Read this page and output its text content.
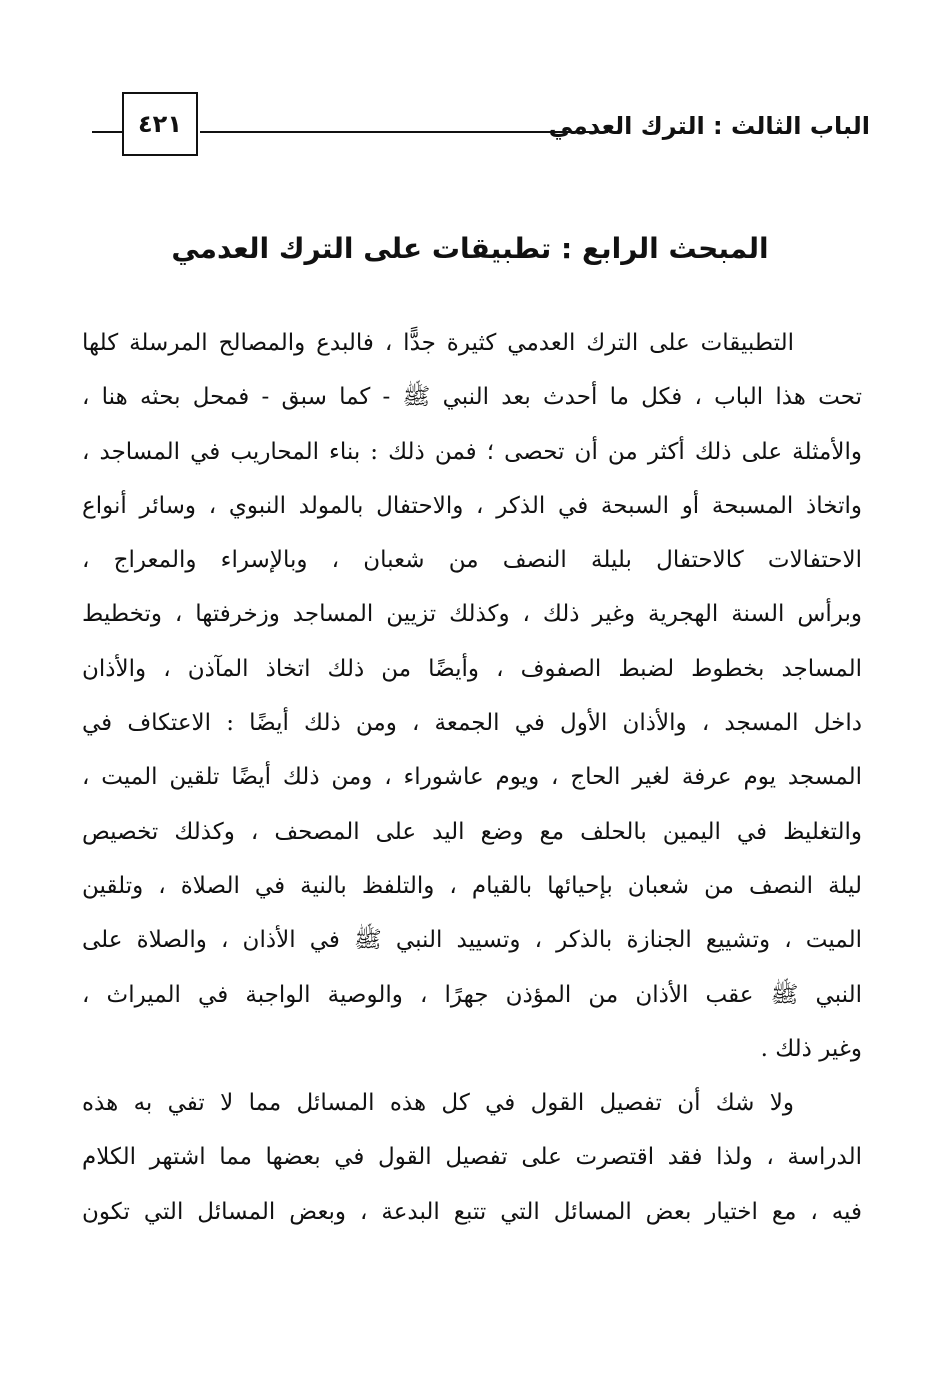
الباب الثالث : الترك العدمي
٤٢١
المبحث الرابع : تطبيقات على الترك العدمي
التطبيقات على الترك العدمي كثيرة جدًّا ، فالبدع والمصالح المرسلة كلها
تحت هذا الباب ، فكل ما أحدث بعد النبي ﷺ - كما سبق - فمحل بحثه هنا ،
والأمثلة على ذلك أكثر من أن تحصى ؛ فمن ذلك : بناء المحاريب في المساجد ،
واتخاذ المسبحة أو السبحة في الذكر ، والاحتفال بالمولد النبوي ، وسائر أنواع
الاحتفالات كالاحتفال بليلة النصف من شعبان ، وبالإسراء والمعراج ،
وبرأس السنة الهجرية وغير ذلك ، وكذلك تزيين المساجد وزخرفتها ، وتخطيط
المساجد بخطوط لضبط الصفوف ، وأيضًا من ذلك اتخاذ المآذن ، والأذان
داخل المسجد ، والأذان الأول في الجمعة ، ومن ذلك أيضًا : الاعتكاف في
المسجد يوم عرفة لغير الحاج ، ويوم عاشوراء ، ومن ذلك أيضًا تلقين الميت ،
والتغليظ في اليمين بالحلف مع وضع اليد على المصحف ، وكذلك تخصيص
ليلة النصف من شعبان بإحيائها بالقيام ، والتلفظ بالنية في الصلاة ، وتلقين
الميت ، وتشييع الجنازة بالذكر ، وتسييد النبي ﷺ في الأذان ، والصلاة على
النبي ﷺ عقب الأذان من المؤذن جهرًا ، والوصية الواجبة في الميراث ،
وغير ذلك .
ولا شك أن تفصيل القول في كل هذه المسائل مما لا تفي به هذه
الدراسة ، ولذا فقد اقتصرت على تفصيل القول في بعضها مما اشتهر الكلام
فيه ، مع اختيار بعض المسائل التي تتبع البدعة ، وبعض المسائل التي تكون
